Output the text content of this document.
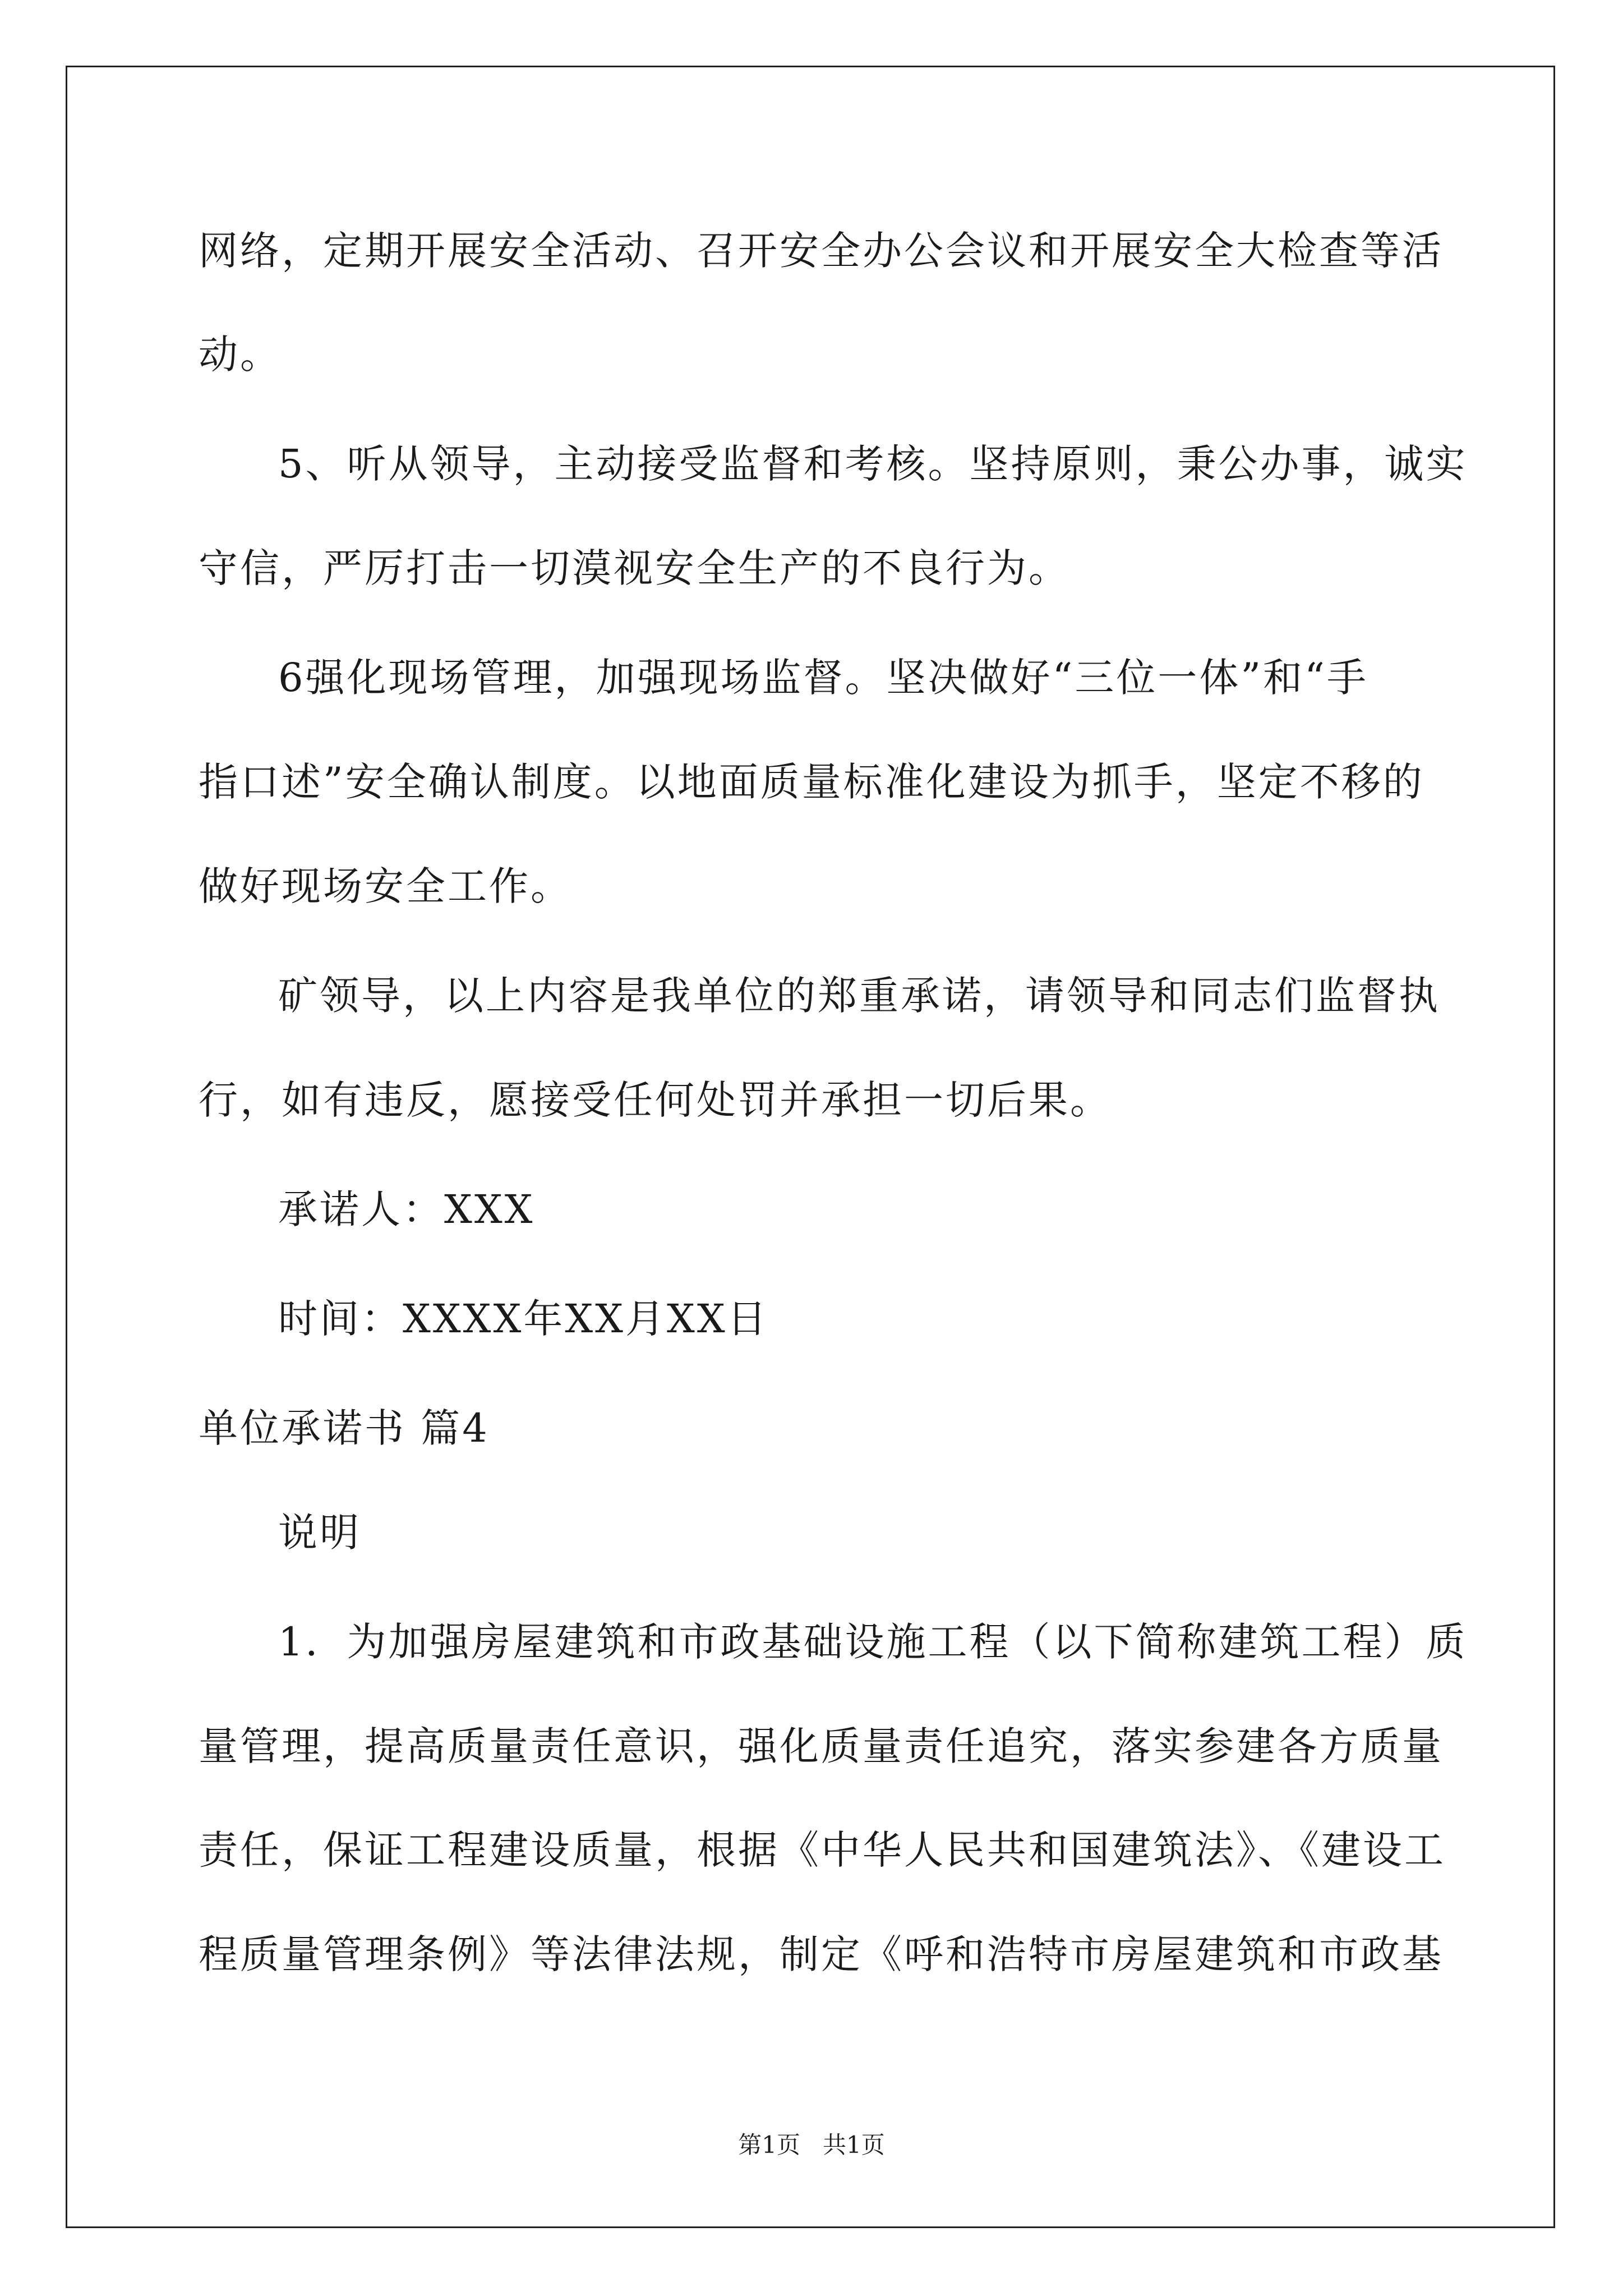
网络，定期开展安全活动、召开安全办公会议和开展安全大检查等活
动。
5、听从领导，主动接受监督和考核。坚持原则，秉公办事，诚实
守信，严厉打击一切漠视安全生产的不良行为。
6强化现场管理，加强现场监督。坚决做好“三位一体”和“手
指口述”安全确认制度。以地面质量标准化建设为抓手，坚定不移的
做好现场安全工作。
矿领导，以上内容是我单位的郑重承诺，请领导和同志们监督执
行，如有违反，愿接受任何处罚并承担一切后果。
承诺人：XXX
时间：XXXX年XX月XX日
单位承诺书 篇4
说明
1．为加强房屋建筑和市政基础设施工程（以下简称建筑工程）质
量管理，提高质量责任意识，强化质量责任追究，落实参建各方质量
责任，保证工程建设质量，根据《中华人民共和国建筑法》、《建设工
程质量管理条例》等法律法规，制定《呼和浩特市房屋建筑和市政基
第1页   共1页
